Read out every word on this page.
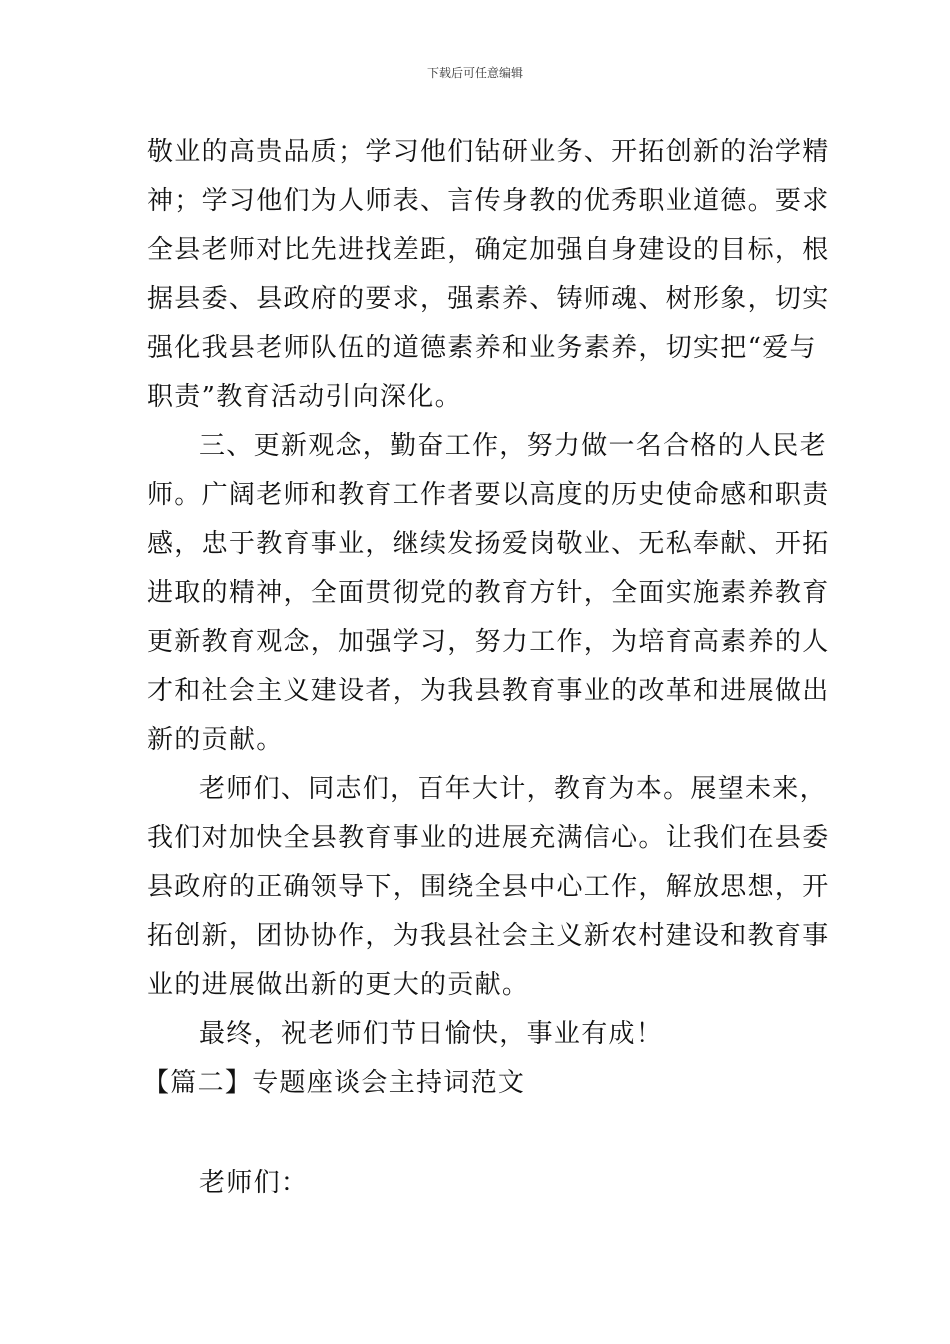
下载后可任意编辑
敬业的高贵品质；学习他们钻研业务、开拓创新的治学精
神；学习他们为人师表、言传身教的优秀职业道德。要求
全县老师对比先进找差距，确定加强自身建设的目标，根
据县委、县政府的要求，强素养、铸师魂、树形象，切实
强化我县老师队伍的道德素养和业务素养，切实把“爱与
职责”教育活动引向深化。
三、更新观念，勤奋工作，努力做一名合格的人民老
师。广阔老师和教育工作者要以高度的历史使命感和职责
感，忠于教育事业，继续发扬爱岗敬业、无私奉献、开拓
进取的精神，全面贯彻党的教育方针，全面实施素养教育
更新教育观念，加强学习，努力工作，为培育高素养的人
才和社会主义建设者，为我县教育事业的改革和进展做出
新的贡献。
老师们、同志们，百年大计，教育为本。展望未来，
我们对加快全县教育事业的进展充满信心。让我们在县委
县政府的正确领导下，围绕全县中心工作，解放思想，开
拓创新，团协协作，为我县社会主义新农村建设和教育事
业的进展做出新的更大的贡献。
最终，祝老师们节日愉快，事业有成！
【篇二】专题座谈会主持词范文
老师们：
